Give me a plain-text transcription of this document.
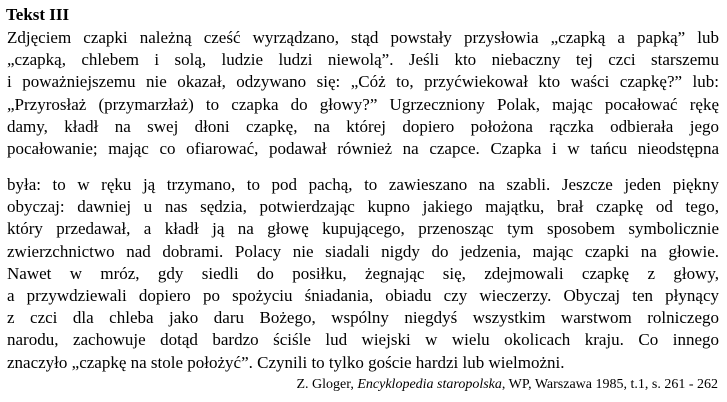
Tekst III
Zdjęciem czapki należną cześć wyrządzano, stąd powstały przysłowia „czapką a papką” lub
„czapką, chlebem i solą, ludzie ludzi niewolą”. Jeśli kto niebaczny tej czci starszemu
i poważniejszemu nie okazał, odzywano się: „Cóż to, przyćwiekował kto waści czapkę?” lub:
„Przyrosłaż (przymarzłaż) to czapka do głowy?” Ugrzeczniony Polak, mając pocałować rękę
damy, kładł na swej dłoni czapkę, na której dopiero położona rączka odbierała jego
pocałowanie; mając co ofiarować, podawał również na czapce. Czapka i w tańcu nieodstępna
była: to w ręku ją trzymano, to pod pachą, to zawieszano na szabli. Jeszcze jeden piękny
obyczaj: dawniej u nas sędzia, potwierdzając kupno jakiego majątku, brał czapkę od tego,
który przedawał, a kładł ją na głowę kupującego, przenosząc tym sposobem symbolicznie
zwierzchnictwo nad dobrami. Polacy nie siadali nigdy do jedzenia, mając czapki na głowie.
Nawet w mróz, gdy siedli do posiłku, żegnając się, zdejmowali czapkę z głowy,
a przywdziewali dopiero po spożyciu śniadania, obiadu czy wieczerzy. Obyczaj ten płynący
z czci dla chleba jako daru Bożego, wspólny niegdyś wszystkim warstwom rolniczego
narodu, zachowuje dotąd bardzo ściśle lud wiejski w wielu okolicach kraju. Co innego
znaczyło „czapkę na stole położyć”. Czynili to tylko goście hardzi lub wielmożni.
Z. Gloger, Encyklopedia staropolska, WP, Warszawa 1985, t.1, s. 261 - 262
